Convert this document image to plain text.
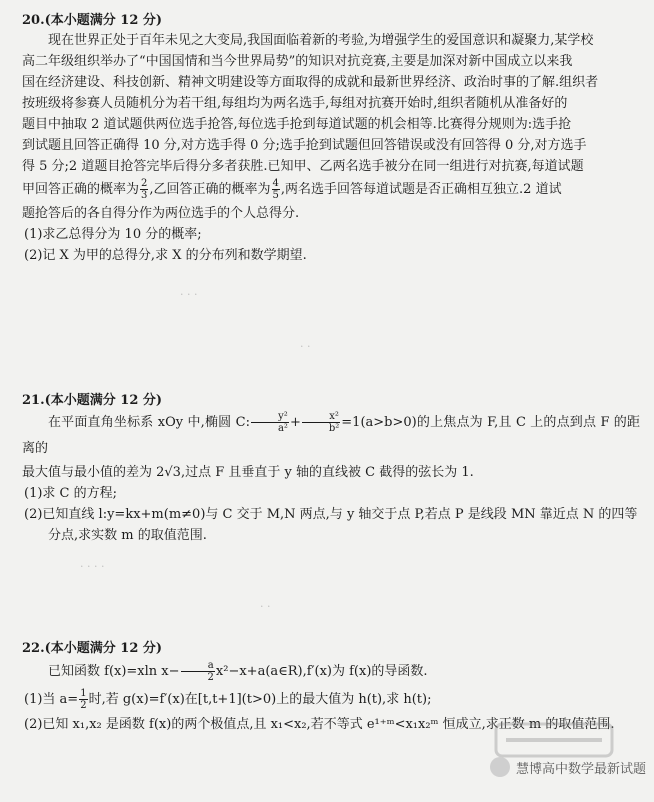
20.(本小题满分 12 分)

现在世界正处于百年未见之大变局,我国面临着新的考验,为增强学生的爱国意识和凝聚力,某学校

高二年级组织举办了“中国国情和当今世界局势”的知识对抗竞赛,主要是加深对新中国成立以来我

国在经济建设、科技创新、精神文明建设等方面取得的成就和最新世界经济、政治时事的了解.组织者

按班级将参赛人员随机分为若干组,每组均为两名选手,每组对抗赛开始时,组织者随机从准备好的

题目中抽取 2 道试题供两位选手抢答,每位选手抢到每道试题的机会相等.比赛得分规则为:选手抢

到试题且回答正确得 10 分,对方选手得 0 分;选手抢到试题但回答错误或没有回答得 0 分,对方选手

得 5 分;2 道题目抢答完毕后得分多者获胜.已知甲、乙两名选手被分在同一组进行对抗赛,每道试题

甲回答正确的概率为 $\frac{2}{3}$ ,乙回答正确的概率为 $\frac{4}{5}$ ,两名选手回答每道试题是否正确相互独立.2 道试

题抢答后的各自得分作为两位选手的个人总得分.

(1)求乙总得分为 10 分的概率;

(2)记 X 为甲的总得分,求 X 的分布列和数学期望.

· · ·
· ·
21.(本小题满分 12 分)

在平面直角坐标系 xOy 中,椭圆 C: $\frac{\text{y²}}{\text{a²}} + \frac{\text{x²}}{\text{b²}} =1(a>b>0)$的上焦点为 F,且 C 上的点到点 F 的距离的

最大值与最小值的差为 2√3,过点 F 且垂直于 y 轴的直线被 C 截得的弦长为 1.

(1)求 C 的方程;

(2)已知直线 l:y=kx+m(m≠0)与 C 交于 M,N 两点,与 y 轴交于点 P,若点 P 是线段 MN 靠近点 N 的四等分点,求实数 m 的取值范围.

· · · ·
· ·
22.(本小题满分 12 分)

已知函数 f(x)=xln $x- \frac{a}{2}$ x²−x+a(a∈R),f′(x)为 f(x)的导函数.

(1)当 $a= \frac{1}{2}$ 时,若 g(x)=f′(x)在[t,t+1](t>0)上的最大值为 h(t),求 h(t);

(2)已知 x₁,x₂ 是函数 f(x)的两个极值点,且 x₁<x₂,若不等式 e¹⁺ᵐ<x₁x₂ᵐ 恒成立,求正数 m 的取值范围.

慧博高中数学最新试题
